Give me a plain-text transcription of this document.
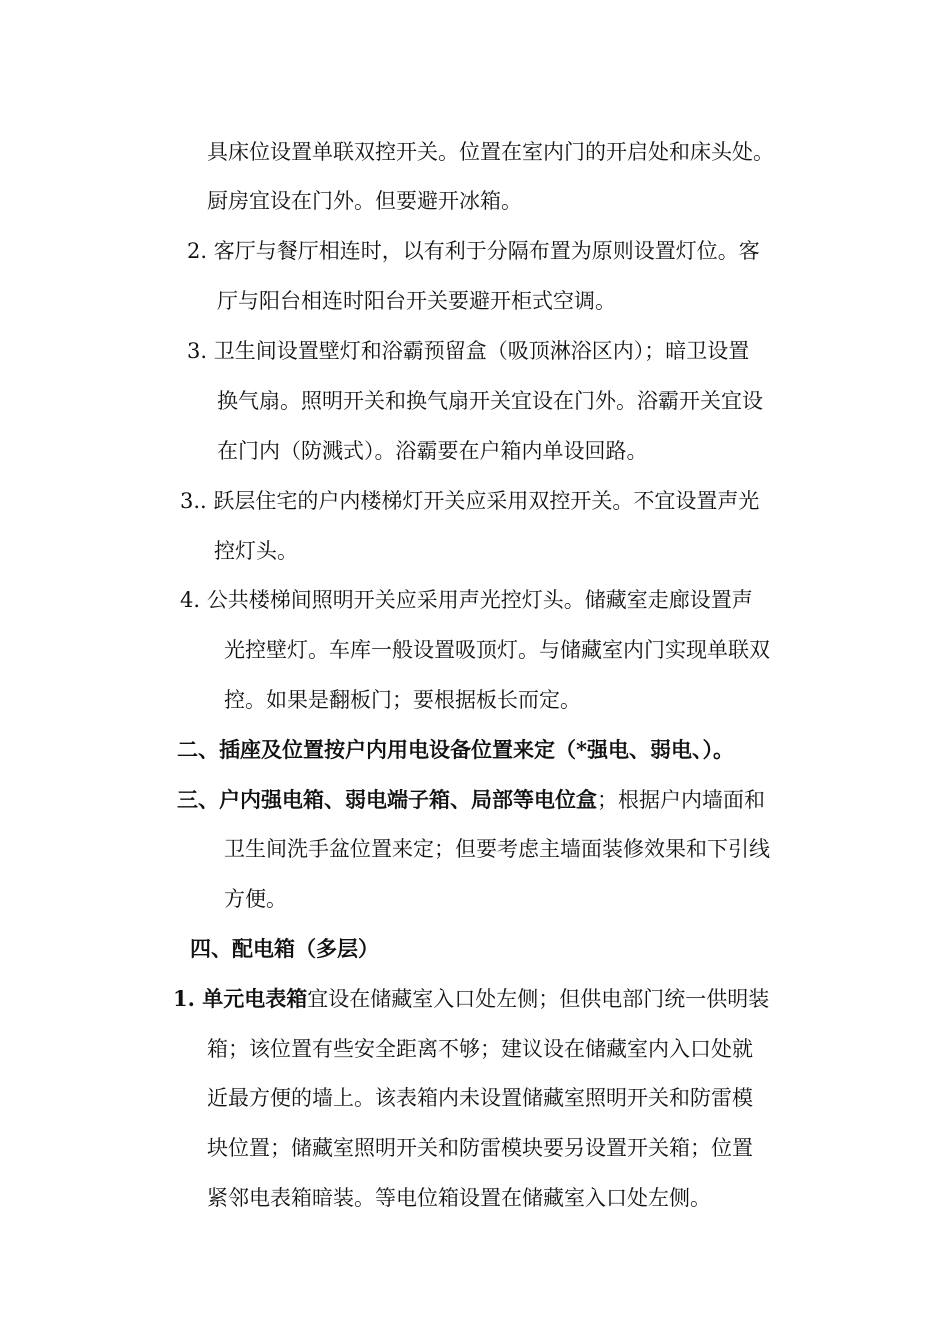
具床位设置单联双控开关。位置在室内门的开启处和床头处。
厨房宜设在门外。但要避开冰箱。
2. 客厅与餐厅相连时，以有利于分隔布置为原则设置灯位。客
厅与阳台相连时阳台开关要避开柜式空调。
3. 卫生间设置壁灯和浴霸预留盒（吸顶淋浴区内）；暗卫设置
换气扇。照明开关和换气扇开关宜设在门外。浴霸开关宜设
在门内（防溅式）。浴霸要在户箱内单设回路。
3.. 跃层住宅的户内楼梯灯开关应采用双控开关。不宜设置声光
控灯头。
4. 公共楼梯间照明开关应采用声光控灯头。储藏室走廊设置声
光控壁灯。车库一般设置吸顶灯。与储藏室内门实现单联双
控。如果是翻板门；要根据板长而定。
二、插座及位置按户内用电设备位置来定（*强电、弱电、）。
三、户内强电箱、弱电端子箱、局部等电位盒；根据户内墙面和
卫生间洗手盆位置来定；但要考虑主墙面装修效果和下引线
方便。
四、配电箱（多层）
1. 单元电表箱宜设在储藏室入口处左侧；但供电部门统一供明装
箱；该位置有些安全距离不够；建议设在储藏室内入口处就
近最方便的墙上。该表箱内未设置储藏室照明开关和防雷模
块位置；储藏室照明开关和防雷模块要另设置开关箱；位置
紧邻电表箱暗装。等电位箱设置在储藏室入口处左侧。
